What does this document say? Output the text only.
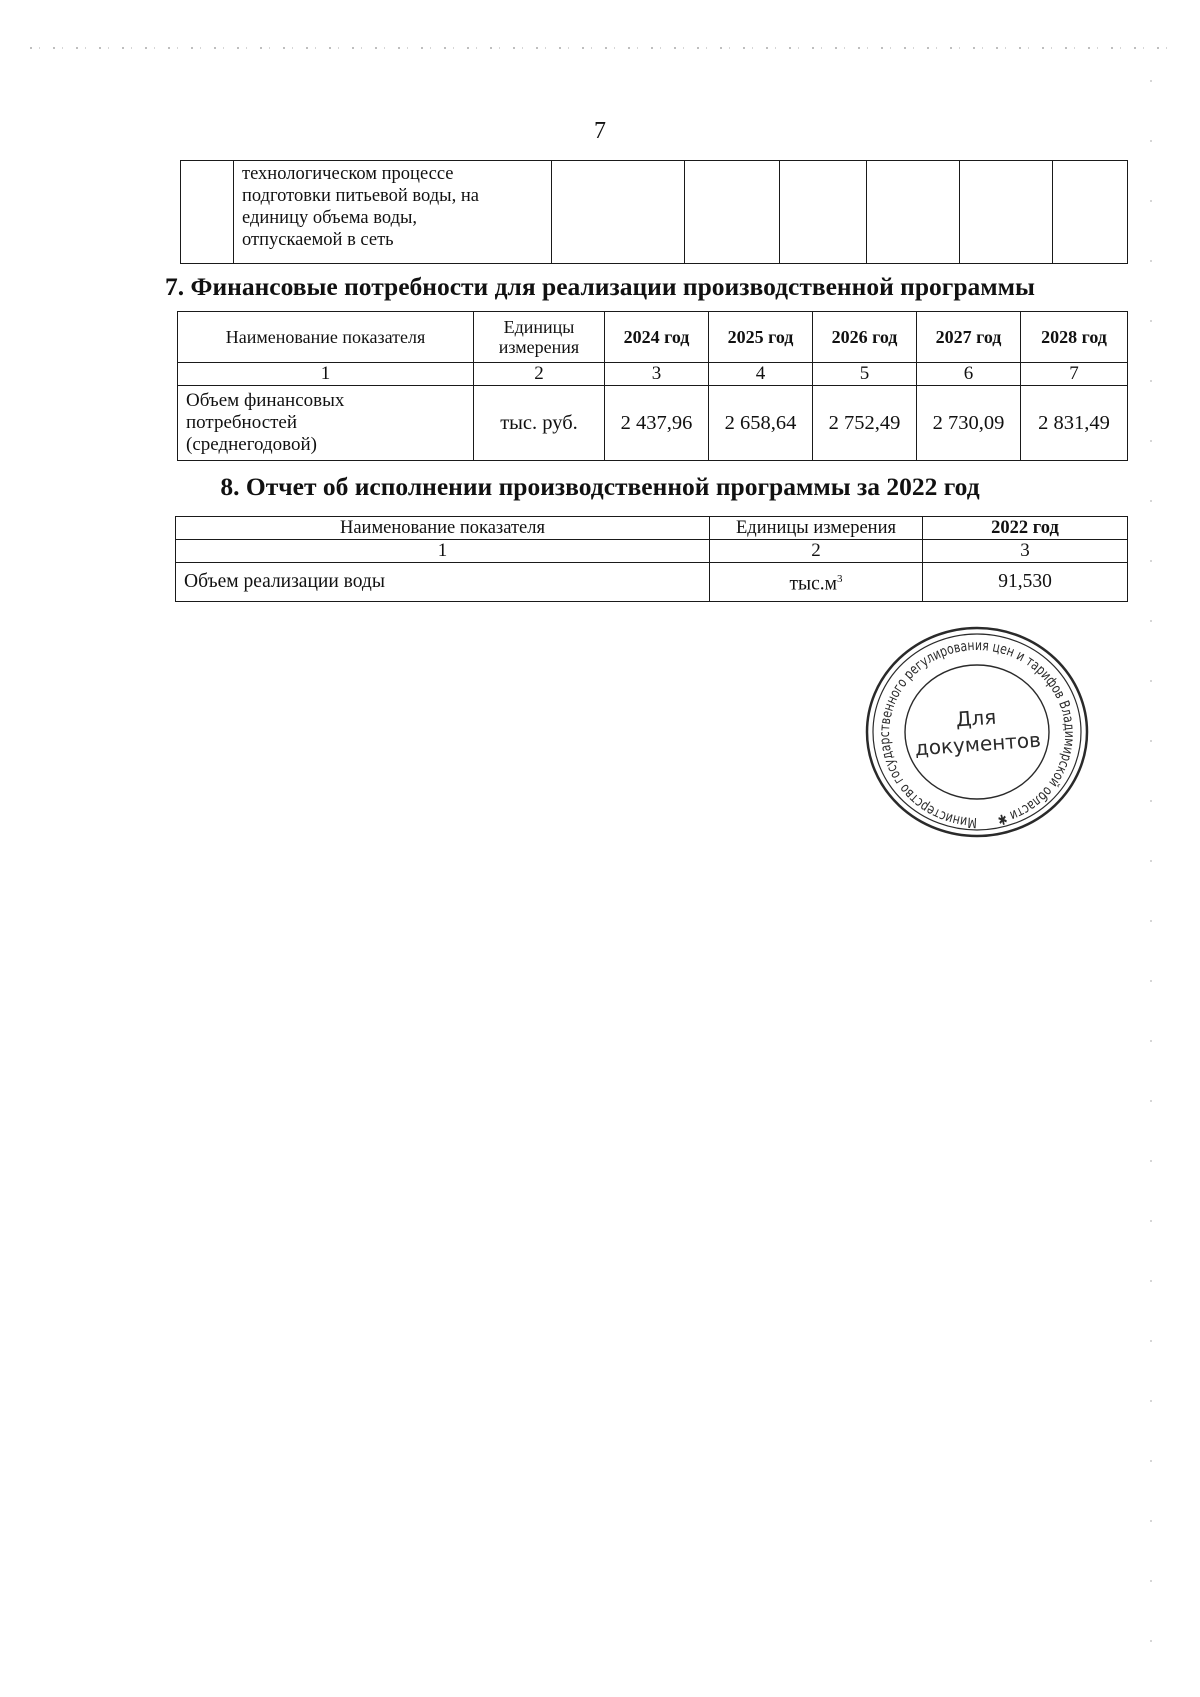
7

технологическом процессе
подготовки питьевой воды, на
единицу объема воды,
отпускаемой в сеть

7. Финансовые потребности для реализации производственной программы
Наименование показателя	Единицы измерения	2024 год	2025 год	2026 год	2027 год	2028 год
1	2	3	4	5	6	7

Объем финансовых
потребностей
(среднегодовой)	тыс. руб.	2 437,96	2 658,64	2 752,49	2 730,09	2 831,49
8. Отчет об исполнении производственной программы за 2022 год
Наименование показателя	Единицы измерения	2022 год
1	2	3
Объем реализации воды	$тыс.м^3$	91,530
Министерство государственного регулирования цен и тарифов Владимирской области ✱
Для
документов
